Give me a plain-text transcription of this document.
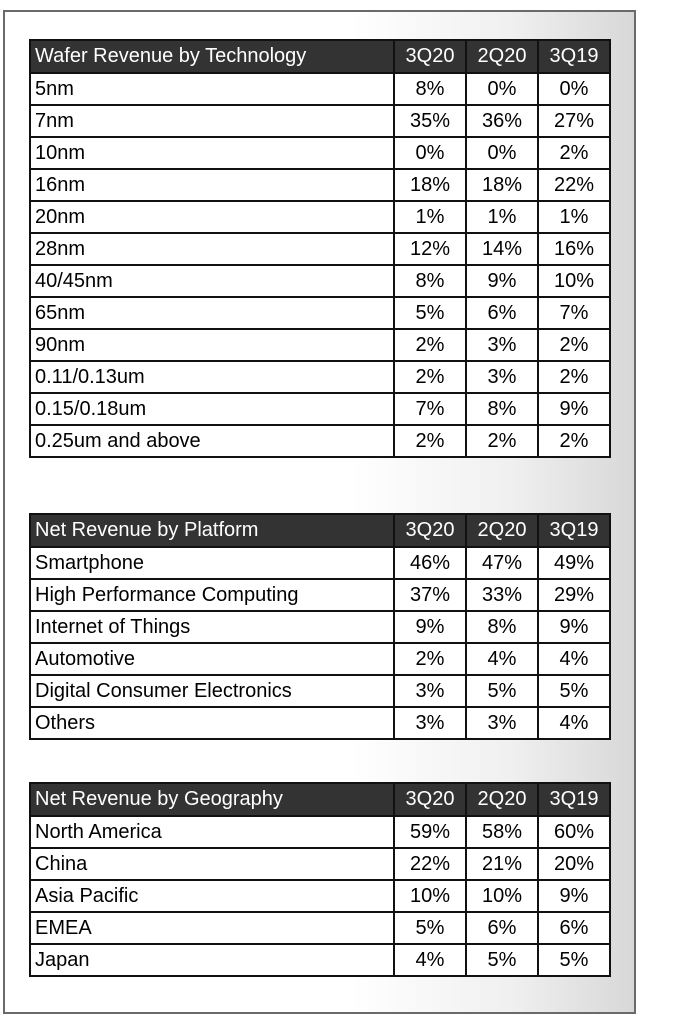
Wafer Revenue by Technology	3Q20	2Q20	3Q19
5nm	8%	0%	0%
7nm	35%	36%	27%
10nm	0%	0%	2%
16nm	18%	18%	22%
20nm	1%	1%	1%
28nm	12%	14%	16%
40/45nm	8%	9%	10%
65nm	5%	6%	7%
90nm	2%	3%	2%
0.11/0.13um	2%	3%	2%
0.15/0.18um	7%	8%	9%
0.25um and above	2%	2%	2%
Net Revenue by Platform	3Q20	2Q20	3Q19
Smartphone	46%	47%	49%
High Performance Computing	37%	33%	29%
Internet of Things	9%	8%	9%
Automotive	2%	4%	4%
Digital Consumer Electronics	3%	5%	5%
Others	3%	3%	4%
Net Revenue by Geography	3Q20	2Q20	3Q19
North America	59%	58%	60%
China	22%	21%	20%
Asia Pacific	10%	10%	9%
EMEA	5%	6%	6%
Japan	4%	5%	5%
